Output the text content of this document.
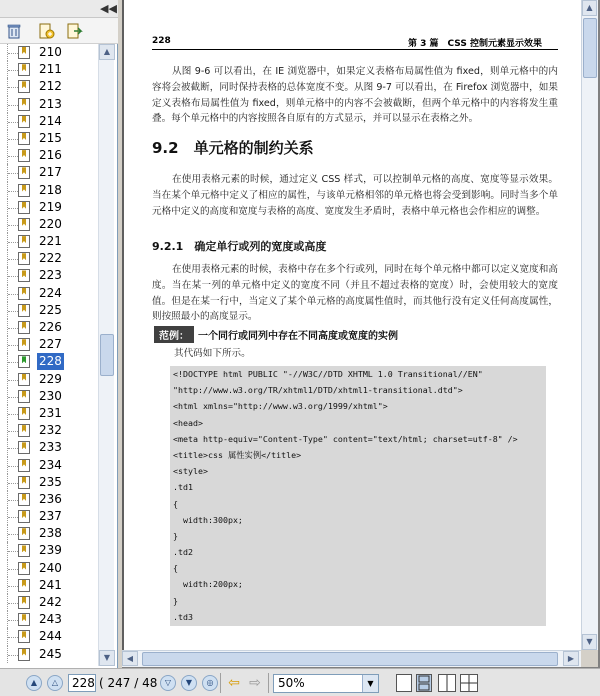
◀◀
210
211
212
213
214
215
216
217
218
219
220
221
222
223
224
225
226
227
228
229
230
231
232
233
234
235
236
237
238
239
240
241
242
243
244
245
▲
▼
228	第 3 篇　CSS 控制元素显示效果
从图 9-6 可以看出，在 IE 浏览器中，如果定义表格布局属性值为 fixed，则单元格中的内容将会被截断，同时保持表格的总体宽度不变。从图 9-7 可以看出，在 Firefox 浏览器中，如果定义表格布局属性值为 fixed，则单元格中的内容不会被截断，但两个单元格中的内容将发生重叠。每个单元格中的内容按照各自原有的方式显示，并可以显示在表格之外。
9.2　单元格的制约关系
在使用表格元素的时候，通过定义 CSS 样式，可以控制单元格的高度、宽度等显示效果。当在某个单元格中定义了相应的属性，与该单元格相邻的单元格也将会受到影响。同时当多个单元格中定义的高度和宽度与表格的高度、宽度发生矛盾时，表格中单元格也会作相应的调整。
9.2.1　确定单行或列的宽度或高度
在使用表格元素的时候，表格中存在多个行或列，同时在每个单元格中都可以定义宽度和高度。当在某一列的单元格中定义的宽度不同（并且不超过表格的宽度）时，会使用较大的宽度值。但是在某一行中，当定义了某个单元格的高度属性值时，而其他行没有定义任何高度属性，则按照最小的高度显示。
范例： 一个同行或同列中存在不同高度或宽度的实例
其代码如下所示。
<!DOCTYPE html PUBLIC "-//W3C//DTD XHTML 1.0 Transitional//EN"
"http://www.w3.org/TR/xhtml1/DTD/xhtml1-transitional.dtd">
<html xmlns="http://www.w3.org/1999/xhtml">
<head>
<meta http-equiv="Content-Type" content="text/html; charset=utf-8" />
<title>css 属性实例</title>
<style>
.td1
{
width:300px;
}
.td2
{
width:200px;
}
.td3
▲
▼
◀	▶
▲	△	228 ( 247 / 48 ▽	▼	◎	⇦ ⇨	50%	▼
